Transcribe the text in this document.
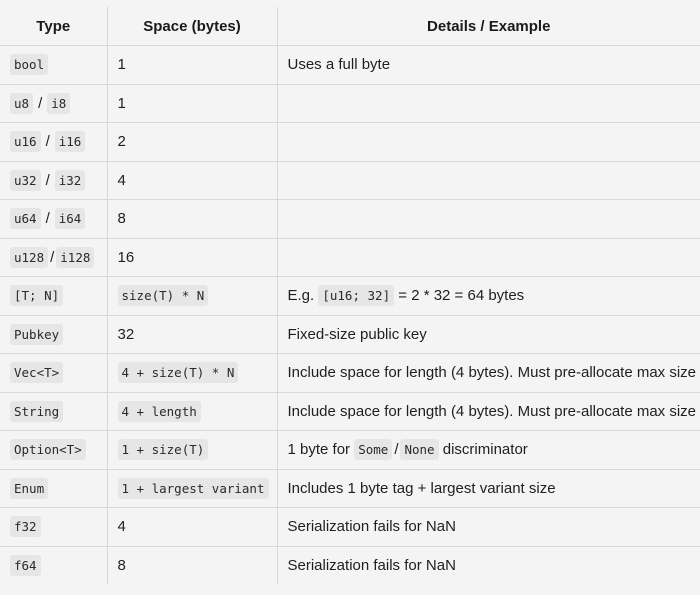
Type	Space (bytes)	Details / Example
bool	1	Uses a full byte
u8 / i8	1	
u16 / i16	2	
u32 / i32	4	
u64 / i64	8	
u128 / i128	16	
[T; N]	size(T) * N	E.g. [u16; 32] = 2 * 32 = 64 bytes
Pubkey	32	Fixed-size public key
Vec<T>	4 + size(T) * N	Include space for length (4 bytes). Must pre-allocate max size
String	4 + length	Include space for length (4 bytes). Must pre-allocate max size
Option<T>	1 + size(T)	1 byte for Some / None discriminator
Enum	1 + largest variant	Includes 1 byte tag + largest variant size
f32	4	Serialization fails for NaN
f64	8	Serialization fails for NaN
